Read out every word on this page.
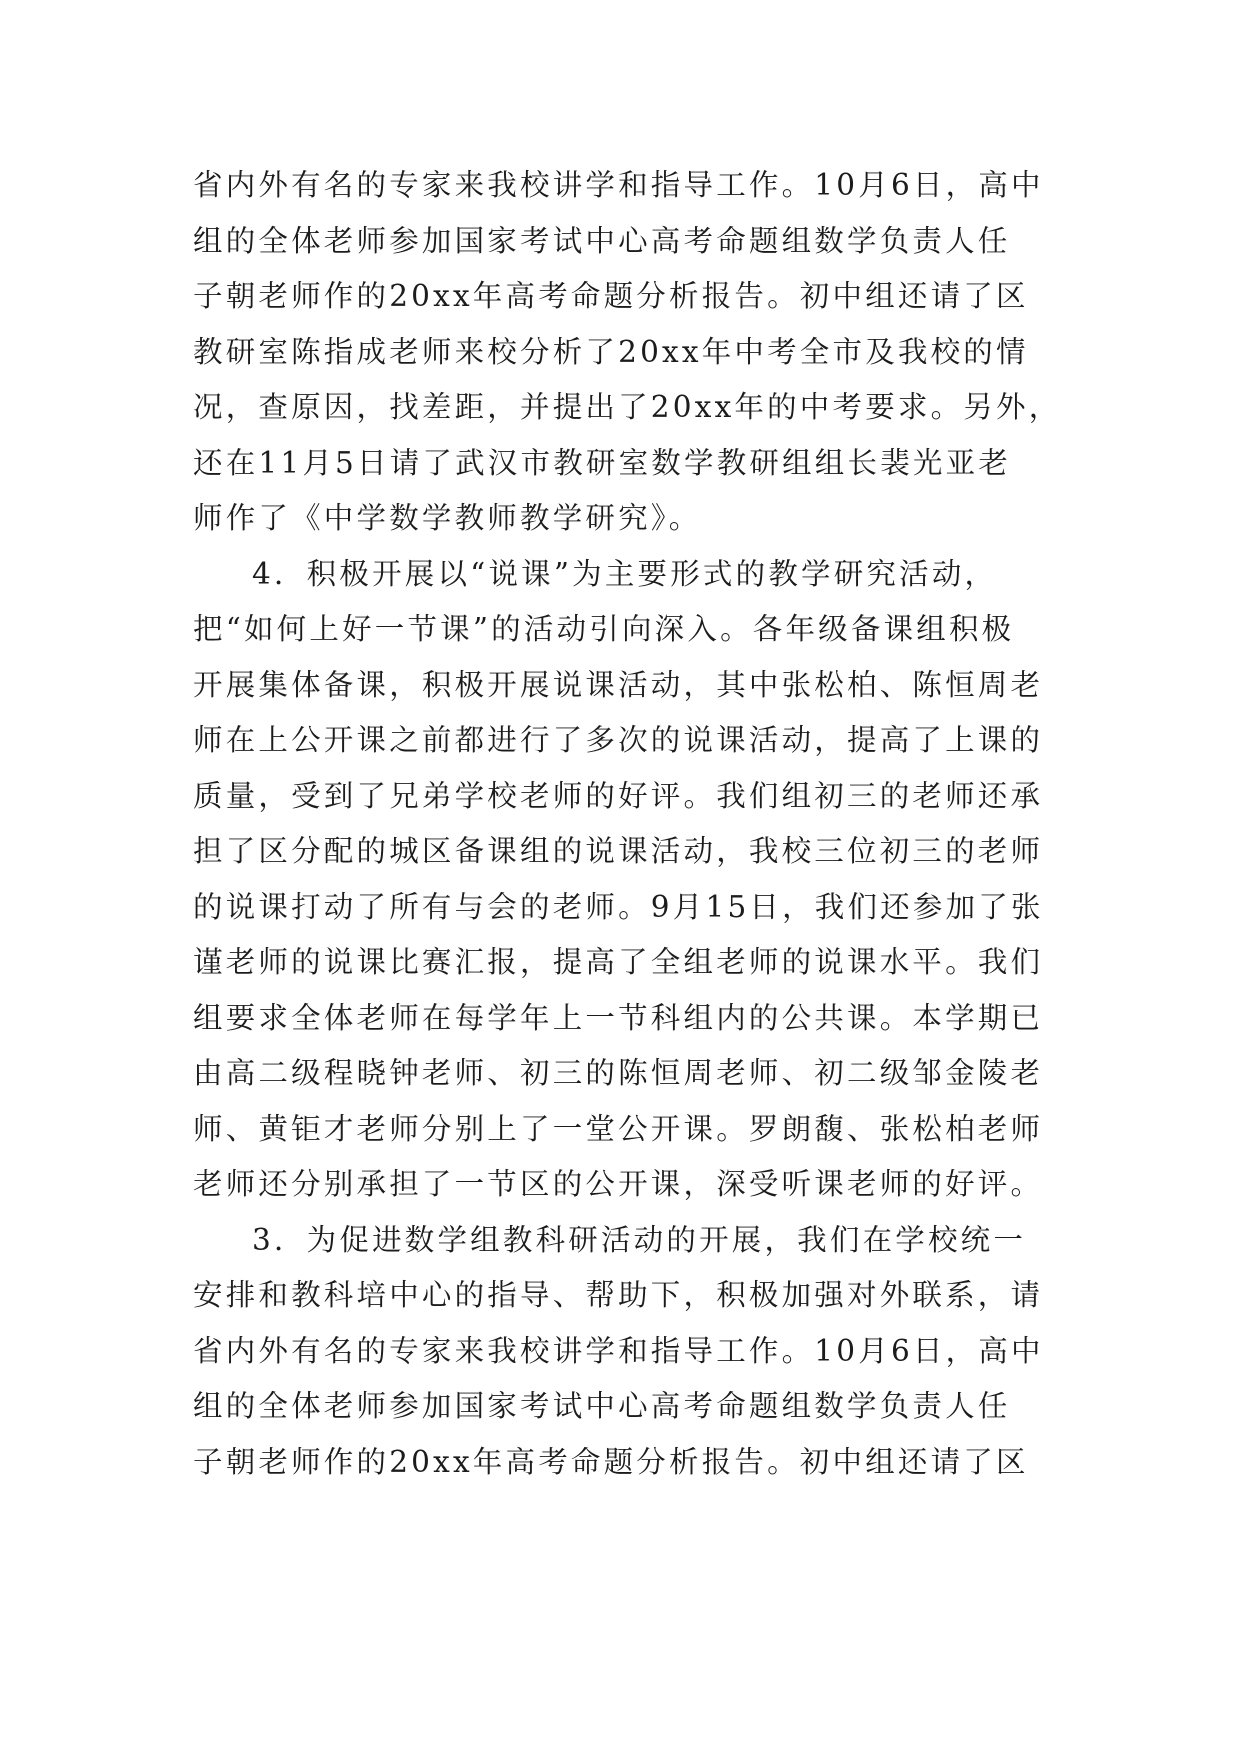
省内外有名的专家来我校讲学和指导工作。10月6日，高中
组的全体老师参加国家考试中心高考命题组数学负责人任
子朝老师作的20xx年高考命题分析报告。初中组还请了区
教研室陈指成老师来校分析了20xx年中考全市及我校的情
况，查原因，找差距，并提出了20xx年的中考要求。另外，
还在11月5日请了武汉市教研室数学教研组组长裴光亚老
师作了《中学数学教师教学研究》。
4．积极开展以“说课”为主要形式的教学研究活动，
把“如何上好一节课”的活动引向深入。各年级备课组积极
开展集体备课，积极开展说课活动，其中张松柏、陈恒周老
师在上公开课之前都进行了多次的说课活动，提高了上课的
质量，受到了兄弟学校老师的好评。我们组初三的老师还承
担了区分配的城区备课组的说课活动，我校三位初三的老师
的说课打动了所有与会的老师。9月15日，我们还参加了张
谨老师的说课比赛汇报，提高了全组老师的说课水平。我们
组要求全体老师在每学年上一节科组内的公共课。本学期已
由高二级程晓钟老师、初三的陈恒周老师、初二级邹金陵老
师、黄钜才老师分别上了一堂公开课。罗朗馥、张松柏老师
老师还分别承担了一节区的公开课，深受听课老师的好评。
3．为促进数学组教科研活动的开展，我们在学校统一
安排和教科培中心的指导、帮助下，积极加强对外联系，请
省内外有名的专家来我校讲学和指导工作。10月6日，高中
组的全体老师参加国家考试中心高考命题组数学负责人任
子朝老师作的20xx年高考命题分析报告。初中组还请了区
